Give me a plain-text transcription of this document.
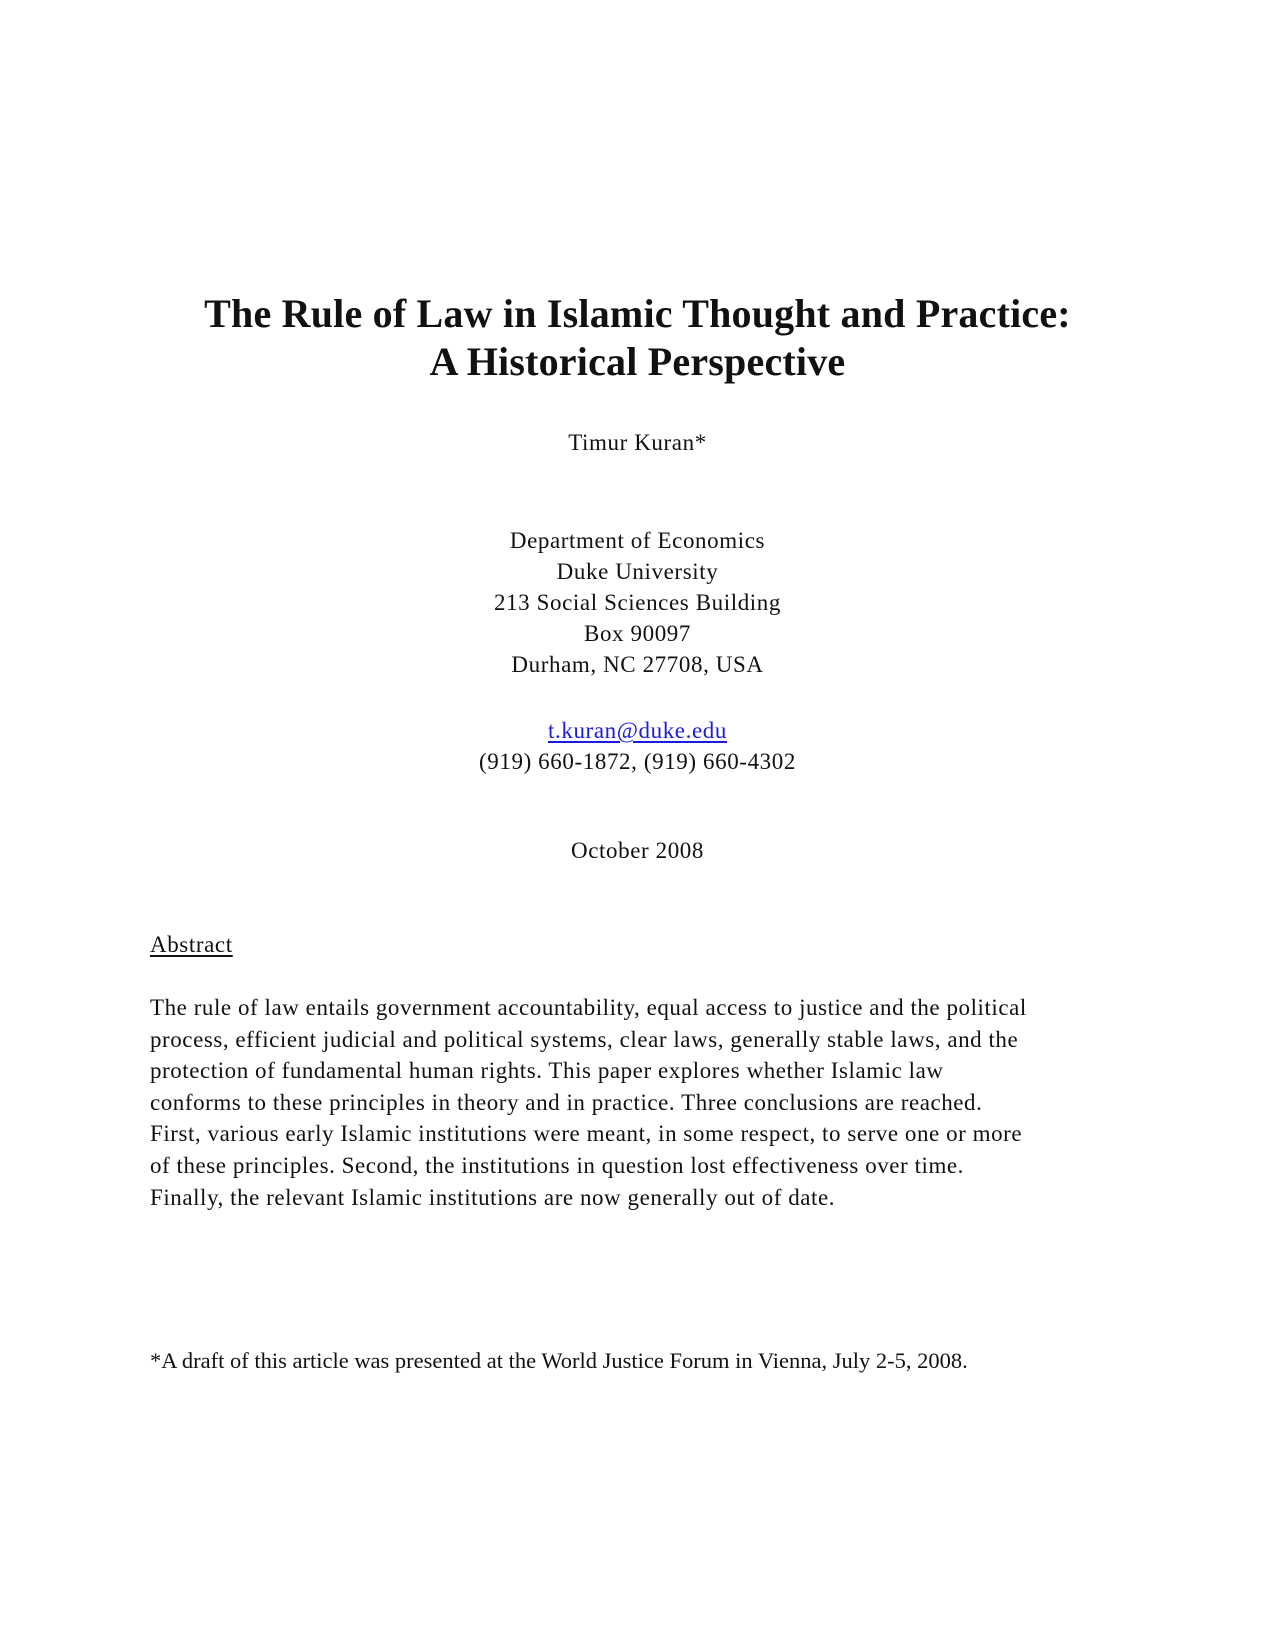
The Rule of Law in Islamic Thought and Practice:
A Historical Perspective
Timur Kuran*
Department of Economics
Duke University
213 Social Sciences Building
Box 90097
Durham, NC 27708, USA
t.kuran@duke.edu
(919) 660-1872, (919) 660-4302
October 2008
Abstract
The rule of law entails government accountability, equal access to justice and the political
process, efficient judicial and political systems, clear laws, generally stable laws, and the
protection of fundamental human rights. This paper explores whether Islamic law
conforms to these principles in theory and in practice. Three conclusions are reached.
First, various early Islamic institutions were meant, in some respect, to serve one or more
of these principles. Second, the institutions in question lost effectiveness over time.
Finally, the relevant Islamic institutions are now generally out of date.
*A draft of this article was presented at the World Justice Forum in Vienna, July 2-5, 2008.
